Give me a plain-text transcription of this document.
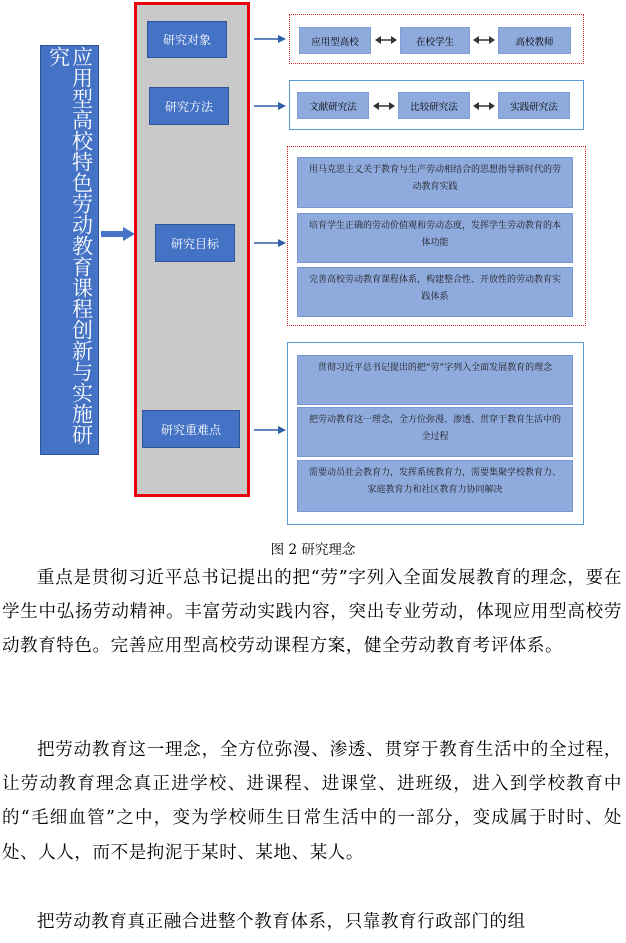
应用型高校特色劳动教育课程创新与实施研究
研究对象
研究方法
研究目标
研究重难点
应用型高校	在校学生	高校教师
文献研究法	比较研究法	实践研究法
用马克思主义关于教育与生产劳动相结合的思想指导新时代的劳动教育实践
培育学生正确的劳动价值观和劳动态度，发挥学生劳动教育的本体功能
完善高校劳动教育课程体系，构建整合性、开放性的劳动教育实践体系
贯彻习近平总书记提出的把“劳”字列入全面发展教育的理念
把劳动教育这一理念，全方位弥漫、渗透、贯穿于教育生活中的全过程
需要动员社会教育力，发挥系统教育力，需要集聚学校教育力、家庭教育力和社区教育力协同解决
图 2 研究理念

重点是贯彻习近平总书记提出的把“劳”字列入全面发展教育的理念，要在学生中弘扬劳动精神。丰富劳动实践内容，突出专业劳动，体现应用型高校劳动教育特色。完善应用型高校劳动课程方案，健全劳动教育考评体系。

把劳动教育这一理念，全方位弥漫、渗透、贯穿于教育生活中的全过程，让劳动教育理念真正进学校、进课程、进课堂、进班级，进入到学校教育中的“毛细血管”之中，变为学校师生日常生活中的一部分，变成属于时时、处处、人人，而不是拘泥于某时、某地、某人。

把劳动教育真正融合进整个教育体系，只靠教育行政部门的组
